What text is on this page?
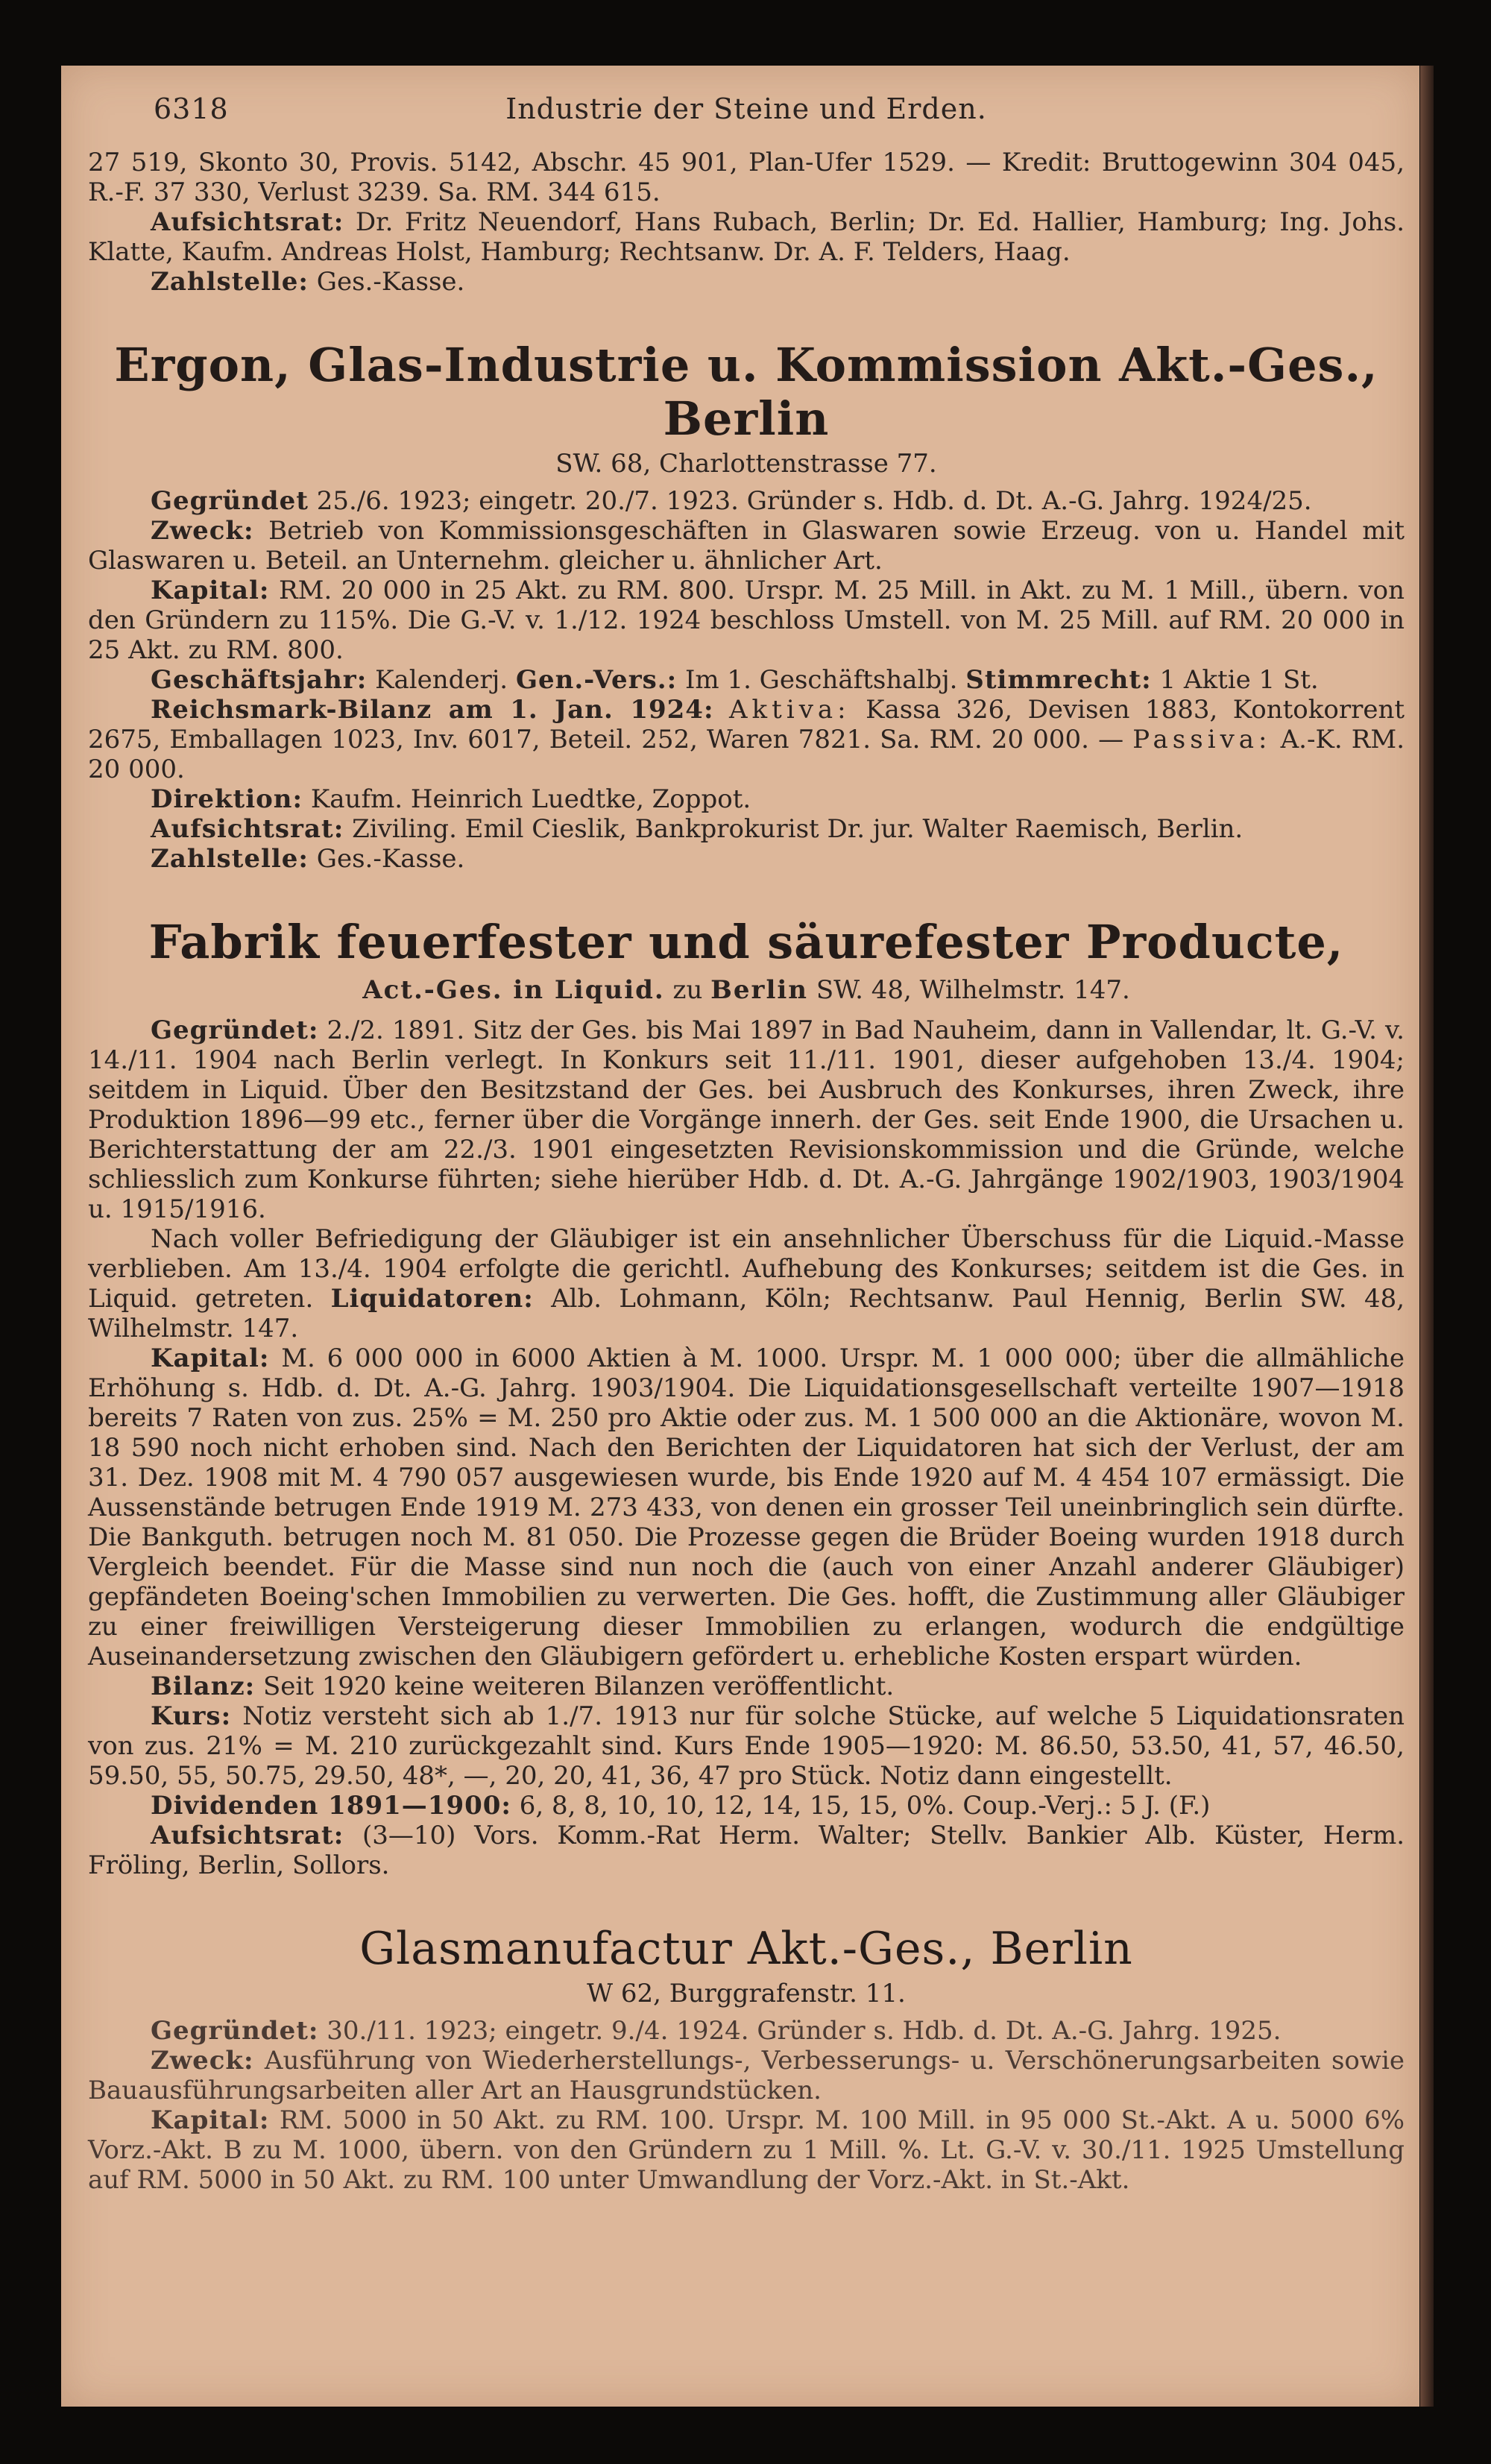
6318	Industrie der Steine und Erden.

27 519, Skonto 30, Provis. 5142, Abschr. 45 901, Plan-Ufer 1529. — Kredit: Bruttogewinn 304 045, R.-F. 37 330, Verlust 3239. Sa. RM. 344 615.

Aufsichtsrat: Dr. Fritz Neuendorf, Hans Rubach, Berlin; Dr. Ed. Hallier, Hamburg; Ing. Johs. Klatte, Kaufm. Andreas Holst, Hamburg; Rechtsanw. Dr. A. F. Telders, Haag.

Zahlstelle: Ges.-Kasse.

Ergon, Glas-Industrie u. Kommission Akt.-Ges., Berlin
SW. 68, Charlottenstrasse 77.

Gegründet 25./6. 1923; eingetr. 20./7. 1923. Gründer s. Hdb. d. Dt. A.-G. Jahrg. 1924/25.

Zweck: Betrieb von Kommissionsgeschäften in Glaswaren sowie Erzeug. von u. Handel mit Glaswaren u. Beteil. an Unternehm. gleicher u. ähnlicher Art.

Kapital: RM. 20 000 in 25 Akt. zu RM. 800. Urspr. M. 25 Mill. in Akt. zu M. 1 Mill., übern. von den Gründern zu 115%. Die G.-V. v. 1./12. 1924 beschloss Umstell. von M. 25 Mill. auf RM. 20 000 in 25 Akt. zu RM. 800.

Geschäftsjahr: Kalenderj. Gen.-Vers.: Im 1. Geschäftshalbj. Stimmrecht: 1 Aktie 1 St.

Reichsmark-Bilanz am 1. Jan. 1924: Aktiva: Kassa 326, Devisen 1883, Kontokorrent 2675, Emballagen 1023, Inv. 6017, Beteil. 252, Waren 7821. Sa. RM. 20 000. — Passiva: A.-K. RM. 20 000.

Direktion: Kaufm. Heinrich Luedtke, Zoppot.

Aufsichtsrat: Ziviling. Emil Cieslik, Bankprokurist Dr. jur. Walter Raemisch, Berlin.

Zahlstelle: Ges.-Kasse.

Fabrik feuerfester und säurefester Producte,
Act.-Ges. in Liquid. zu Berlin SW. 48, Wilhelmstr. 147.

Gegründet: 2./2. 1891. Sitz der Ges. bis Mai 1897 in Bad Nauheim, dann in Vallendar, lt. G.-V. v. 14./11. 1904 nach Berlin verlegt. In Konkurs seit 11./11. 1901, dieser aufgehoben 13./4. 1904; seitdem in Liquid. Über den Besitzstand der Ges. bei Ausbruch des Konkurses, ihren Zweck, ihre Produktion 1896—99 etc., ferner über die Vorgänge innerh. der Ges. seit Ende 1900, die Ursachen u. Berichterstattung der am 22./3. 1901 eingesetzten Revisionskommission und die Gründe, welche schliesslich zum Konkurse führten; siehe hierüber Hdb. d. Dt. A.-G. Jahrgänge 1902/1903, 1903/1904 u. 1915/1916.

Nach voller Befriedigung der Gläubiger ist ein ansehnlicher Überschuss für die Liquid.-Masse verblieben. Am 13./4. 1904 erfolgte die gerichtl. Aufhebung des Konkurses; seitdem ist die Ges. in Liquid. getreten. Liquidatoren: Alb. Lohmann, Köln; Rechtsanw. Paul Hennig, Berlin SW. 48, Wilhelmstr. 147.

Kapital: M. 6 000 000 in 6000 Aktien à M. 1000. Urspr. M. 1 000 000; über die allmähliche Erhöhung s. Hdb. d. Dt. A.-G. Jahrg. 1903/1904. Die Liquidationsgesellschaft verteilte 1907—1918 bereits 7 Raten von zus. 25% = M. 250 pro Aktie oder zus. M. 1 500 000 an die Aktionäre, wovon M. 18 590 noch nicht erhoben sind. Nach den Berichten der Liquidatoren hat sich der Verlust, der am 31. Dez. 1908 mit M. 4 790 057 ausgewiesen wurde, bis Ende 1920 auf M. 4 454 107 ermässigt. Die Aussenstände betrugen Ende 1919 M. 273 433, von denen ein grosser Teil uneinbringlich sein dürfte. Die Bankguth. betrugen noch M. 81 050. Die Prozesse gegen die Brüder Boeing wurden 1918 durch Vergleich beendet. Für die Masse sind nun noch die (auch von einer Anzahl anderer Gläubiger) gepfändeten Boeing'schen Immobilien zu verwerten. Die Ges. hofft, die Zustimmung aller Gläubiger zu einer freiwilligen Versteigerung dieser Immobilien zu erlangen, wodurch die endgültige Auseinandersetzung zwischen den Gläubigern gefördert u. erhebliche Kosten erspart würden.

Bilanz: Seit 1920 keine weiteren Bilanzen veröffentlicht.

Kurs: Notiz versteht sich ab 1./7. 1913 nur für solche Stücke, auf welche 5 Liquidationsraten von zus. 21% = M. 210 zurückgezahlt sind. Kurs Ende 1905—1920: M. 86.50, 53.50, 41, 57, 46.50, 59.50, 55, 50.75, 29.50, 48*, —, 20, 20, 41, 36, 47 pro Stück. Notiz dann eingestellt.

Dividenden 1891—1900: 6, 8, 8, 10, 10, 12, 14, 15, 15, 0%. Coup.-Verj.: 5 J. (F.)

Aufsichtsrat: (3—10) Vors. Komm.-Rat Herm. Walter; Stellv. Bankier Alb. Küster, Herm. Fröling, Berlin, Sollors.

Glasmanufactur Akt.-Ges., Berlin
W 62, Burggrafenstr. 11.

Gegründet: 30./11. 1923; eingetr. 9./4. 1924. Gründer s. Hdb. d. Dt. A.-G. Jahrg. 1925.

Zweck: Ausführung von Wiederherstellungs-, Verbesserungs- u. Verschönerungsarbeiten sowie Bauausführungsarbeiten aller Art an Hausgrundstücken.

Kapital: RM. 5000 in 50 Akt. zu RM. 100. Urspr. M. 100 Mill. in 95 000 St.-Akt. A u. 5000 6% Vorz.-Akt. B zu M. 1000, übern. von den Gründern zu 1 Mill. %. Lt. G.-V. v. 30./11. 1925 Umstellung auf RM. 5000 in 50 Akt. zu RM. 100 unter Umwandlung der Vorz.-Akt. in St.-Akt.
